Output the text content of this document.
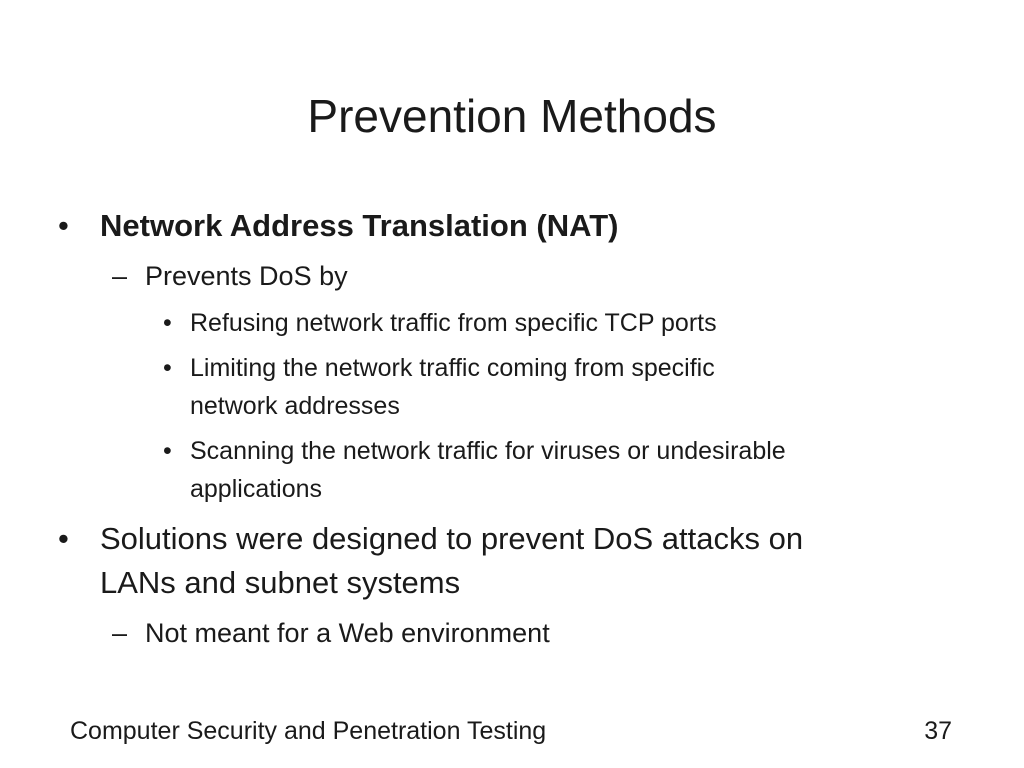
Prevention Methods
• Network Address Translation (NAT)
– Prevents DoS by
• Refusing network traffic from specific TCP ports
• Limiting the network traffic coming from specific
network addresses
• Scanning the network traffic for viruses or undesirable
applications
• Solutions were designed to prevent DoS attacks on
LANs and subnet systems
– Not meant for a Web environment
Computer Security and Penetration Testing	37
